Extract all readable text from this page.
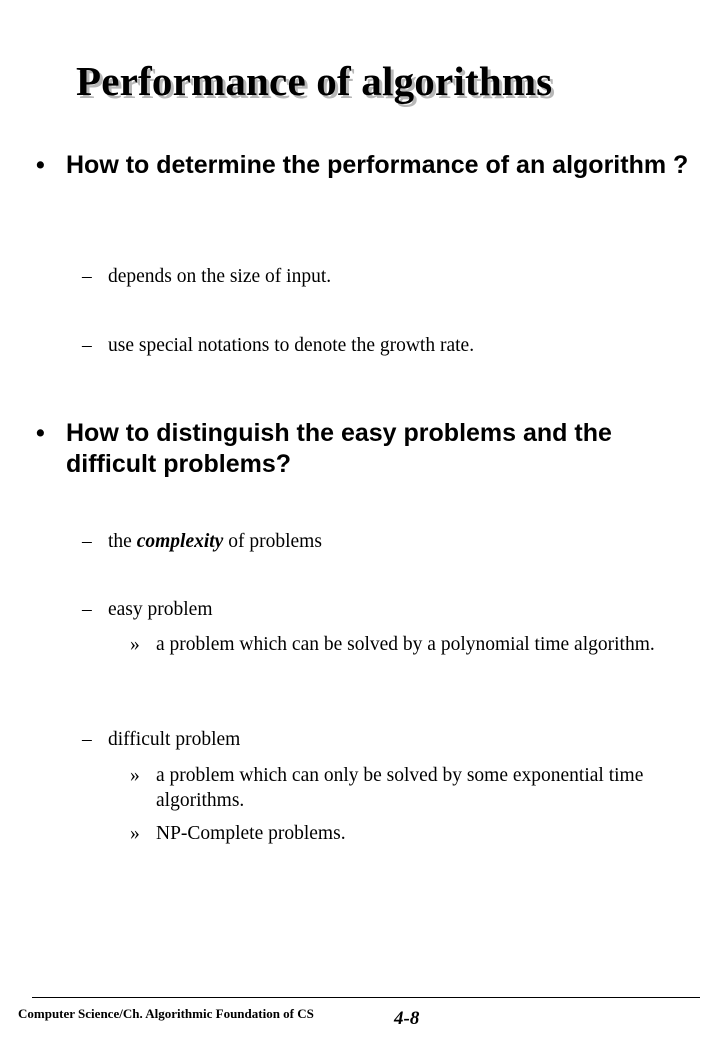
Performance of algorithms
• How to determine the performance of an algorithm ?
– depends on the size of input.
– use special notations to denote the growth rate.
• How to distinguish the easy problems and the difficult problems?
– the complexity of problems
– easy problem
» a problem which can be solved by a polynomial time algorithm.
– difficult problem
» a problem which can only be solved by some exponential time algorithms.
» NP-Complete problems.
Computer Science/Ch. Algorithmic Foundation of CS	4-8
